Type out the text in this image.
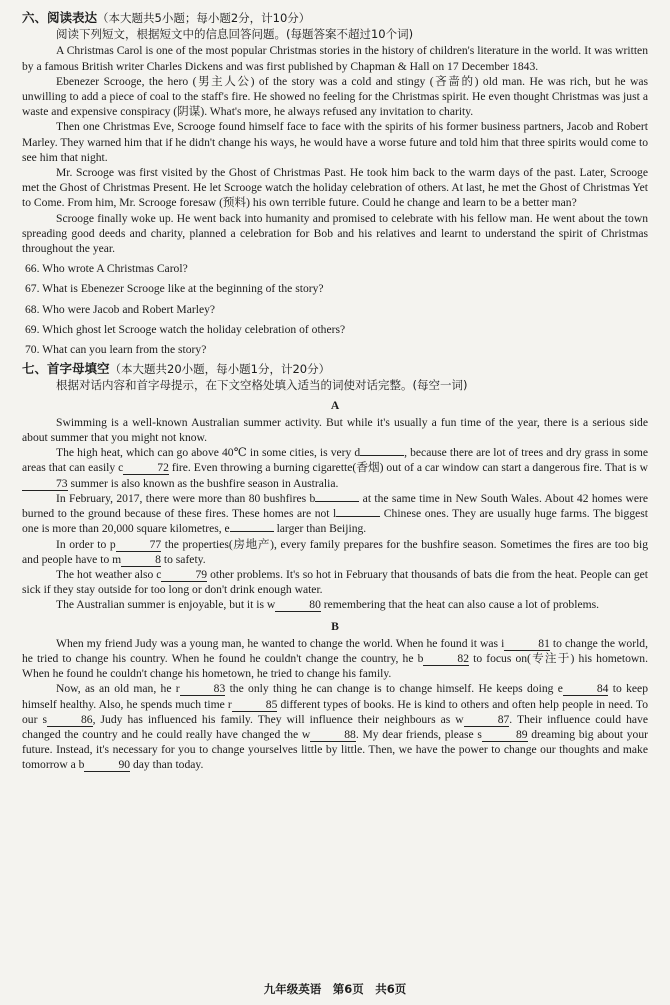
六、阅读表达（本大题共5小题；每小题2分，计10分）
阅读下列短文，根据短文中的信息回答问题。(每题答案不超过10个词)

A Christmas Carol is one of the most popular Christmas stories in the history of children's literature in the world. It was written by a famous British writer Charles Dickens and was first published by Chapman & Hall on 17 December 1843.

Ebenezer Scrooge, the hero (男主人公) of the story was a cold and stingy (吝啬的) old man. He was rich, but he was unwilling to add a piece of coal to the staff's fire. He showed no feeling for the Christmas spirit. He even thought Christmas was just a waste and expensive conspiracy (阴谋). What's more, he always refused any invitation to charity.

Then one Christmas Eve, Scrooge found himself face to face with the spirits of his former business partners, Jacob and Robert Marley. They warned him that if he didn't change his ways, he would have a worse future and told him that three spirits would come to see him that night.

Mr. Scrooge was first visited by the Ghost of Christmas Past. He took him back to the warm days of the past. Later, Scrooge met the Ghost of Christmas Present. He let Scrooge watch the holiday celebration of others. At last, he met the Ghost of Christmas Yet to Come. From him, Mr. Scrooge foresaw (预料) his own terrible future. Could he change and learn to be a better man?

Scrooge finally woke up. He went back into humanity and promised to celebrate with his fellow man. He went about the town spreading good deeds and charity, planned a celebration for Bob and his relatives and learnt to understand the spirit of Christmas throughout the year.

66. Who wrote A Christmas Carol?
67. What is Ebenezer Scrooge like at the beginning of the story?
68. Who were Jacob and Robert Marley?
69. Which ghost let Scrooge watch the holiday celebration of others?
70. What can you learn from the story?
七、首字母填空（本大题共20小题，每小题1分，计20分）
根据对话内容和首字母提示，在下文空格处填入适当的词使对话完整。(每空一词)
A

Swimming is a well-known Australian summer activity. But while it's usually a fun time of the year, there is a serious side about summer that you might not know.

The high heat, which can go above 40℃ in some cities, is very d	, because there are lot of trees and dry grass in some areas that can easily c	72 fire. Even throwing a burning cigarette(香烟) out of a car window can start a dangerous fire. That is w73 summer is also known as the bushfire season in Australia.

In February, 2017, there were more than 80 bushfires b	at the same time in New South Wales. About 42 homes were burned to the ground because of these fires. These homes are not l	Chinese ones. They are usually huge farms. The biggest one is more than 20,000 square kilometres, e	larger than Beijing.

In order to p	77 the properties(房地产), every family prepares for the bushfire season. Sometimes the fires are too big and people have to m	8 to safety.

The hot weather also c	79 other problems. It's so hot in February that thousands of bats die from the heat. People can get sick if they stay outside for too long or don't drink enough water.

The Australian summer is enjoyable, but it is w	80 remembering that the heat can also cause a lot of problems.

B

When my friend Judy was a young man, he wanted to change the world. When he found it was i	81 to change the world, he tried to change his country. When he found he couldn't change the country, he b	82 to focus on(专注于) his hometown. When he found he couldn't change his hometown, he tried to change his family.

Now, as an old man, he r	83 the only thing he can change is to change himself. He keeps doing e	84 to keep himself healthy. Also, he spends much time r	85 different types of books. He is kind to others and often help people in need. To our s	86, Judy has influenced his family. They will influence their neighbours as w	87. Their influence could have changed the country and he could really have changed the w	88. My dear friends, please s	89 dreaming big about your future. Instead, it's necessary for you to change yourselves little by little. Then, we have the power to change our thoughts and make tomorrow a b	90 day than today.

九年级英语　第6页　共6页
